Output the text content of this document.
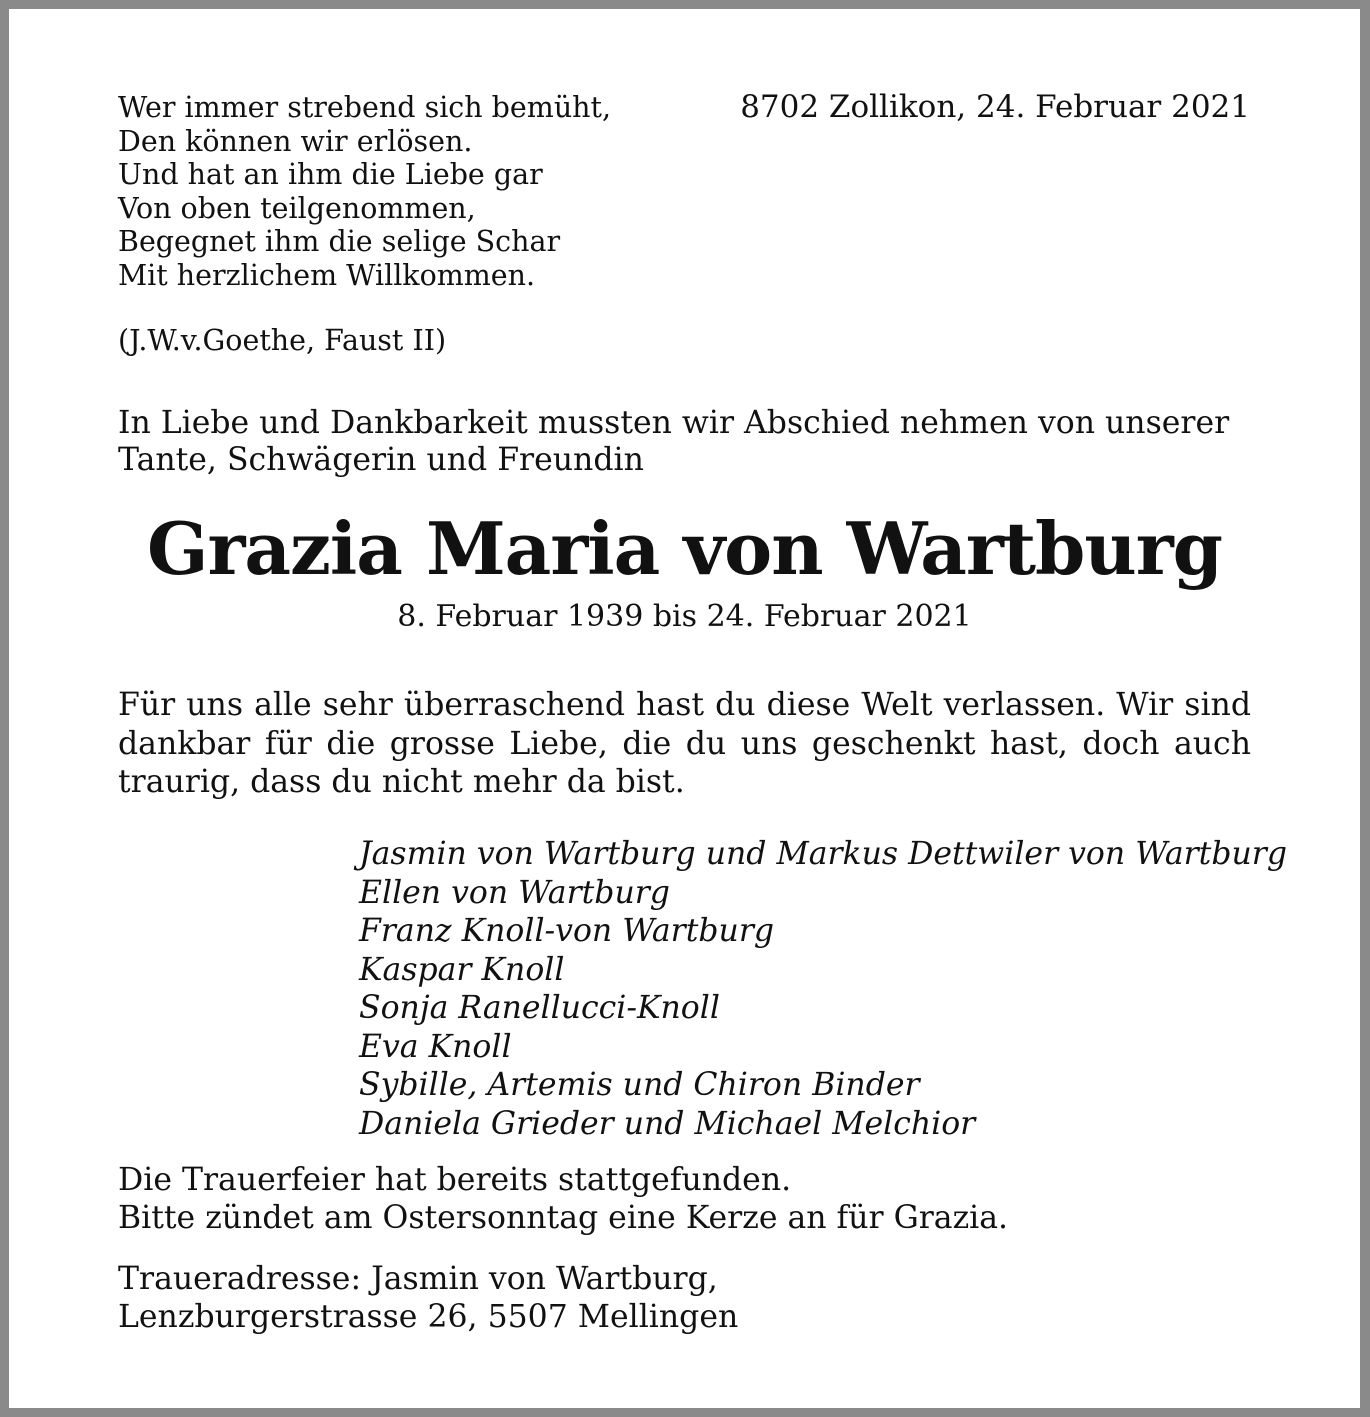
Wer immer strebend sich bemüht,
Den können wir erlösen.
Und hat an ihm die Liebe gar
Von oben teilgenommen,
Begegnet ihm die selige Schar
Mit herzlichem Willkommen.

(J.W.v.Goethe, Faust II)

8702 Zollikon, 24. Februar 2021

In Liebe und Dankbarkeit mussten wir Abschied nehmen von unserer Tante, Schwägerin und Freundin

Grazia Maria von Wartburg

8. Februar 1939 bis 24. Februar 2021

Für uns alle sehr überraschend hast du diese Welt verlassen. Wir sind dankbar für die grosse Liebe, die du uns geschenkt hast, doch auch traurig, dass du nicht mehr da bist.

Jasmin von Wartburg und Markus Dettwiler von Wartburg
Ellen von Wartburg
Franz Knoll-von Wartburg
Kaspar Knoll
Sonja Ranellucci-Knoll
Eva Knoll
Sybille, Artemis und Chiron Binder
Daniela Grieder und Michael Melchior
Die Trauerfeier hat bereits stattgefunden.
Bitte zündet am Ostersonntag eine Kerze an für Grazia.
Traueradresse: Jasmin von Wartburg,
Lenzburgerstrasse 26, 5507 Mellingen
